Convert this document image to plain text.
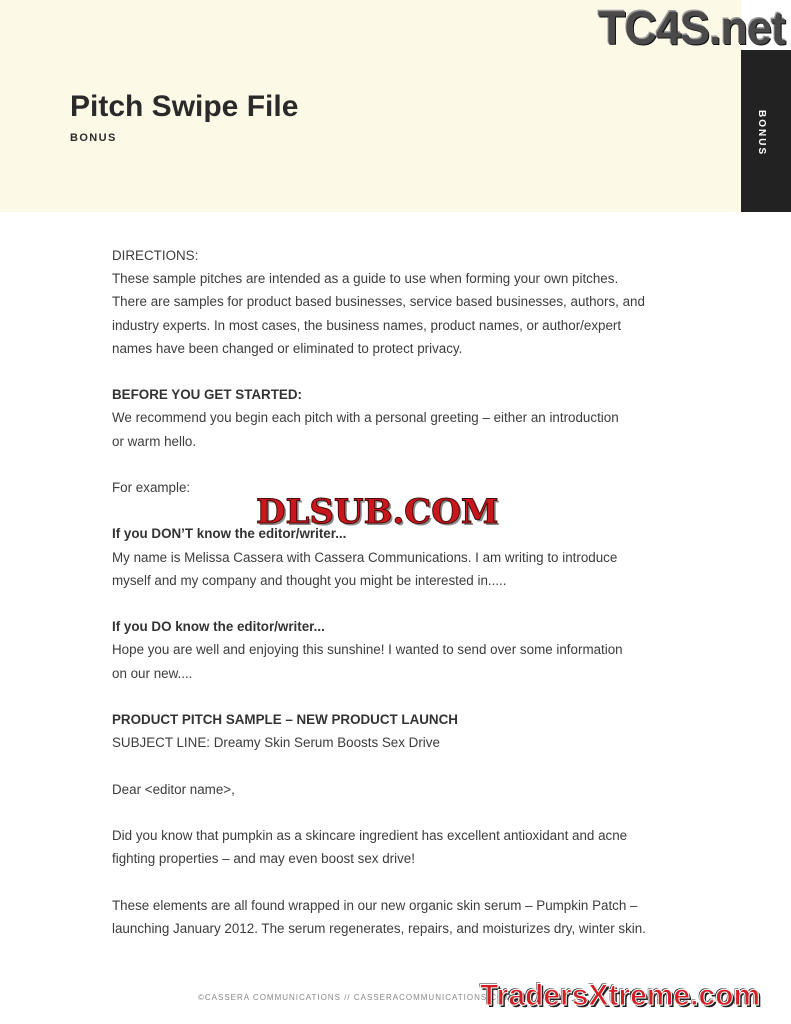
BONUS
TC4S.net
Pitch Swipe File
BONUS
DIRECTIONS:
These sample pitches are intended as a guide to use when forming your own pitches.
There are samples for product based businesses, service based businesses, authors, and
industry experts. In most cases, the business names, product names, or author/expert
names have been changed or eliminated to protect privacy.
BEFORE YOU GET STARTED:
We recommend you begin each pitch with a personal greeting – either an introduction
or warm hello.
For example:
If you DON’T know the editor/writer...
My name is Melissa Cassera with Cassera Communications. I am writing to introduce
myself and my company and thought you might be interested in.....
If you DO know the editor/writer...
Hope you are well and enjoying this sunshine! I wanted to send over some information
on our new....
PRODUCT PITCH SAMPLE – NEW PRODUCT LAUNCH
SUBJECT LINE: Dreamy Skin Serum Boosts Sex Drive
Dear <editor name>,
Did you know that pumpkin as a skincare ingredient has excellent antioxidant and acne
fighting properties – and may even boost sex drive!
These elements are all found wrapped in our new organic skin serum – Pumpkin Patch –
launching January 2012. The serum regenerates, repairs, and moisturizes dry, winter skin.
DLSUB.COM
©CASSERA COMMUNICATIONS // CASSERACOMMUNICATIONS.COM
TradersXtreme.com
